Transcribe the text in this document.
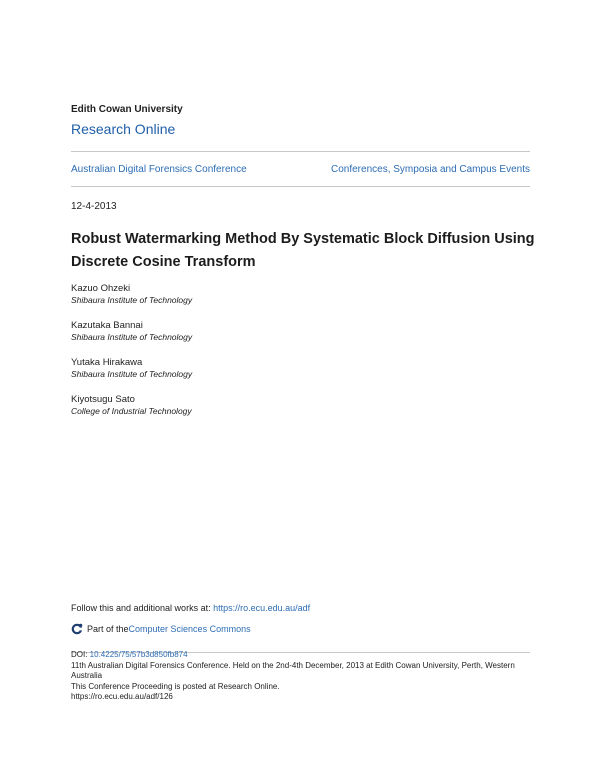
Edith Cowan University
Research Online
Australian Digital Forensics Conference	Conferences, Symposia and Campus Events
12-4-2013
Robust Watermarking Method By Systematic Block Diffusion Using Discrete Cosine Transform
Kazuo Ohzeki
Shibaura Institute of Technology
Kazutaka Bannai
Shibaura Institute of Technology
Yutaka Hirakawa
Shibaura Institute of Technology
Kiyotsugu Sato
College of Industrial Technology
Follow this and additional works at: https://ro.ecu.edu.au/adf
Part of the Computer Sciences Commons
DOI: 10.4225/75/57b3d850fb874
11th Australian Digital Forensics Conference. Held on the 2nd-4th December, 2013 at Edith Cowan University, Perth, Western Australia
This Conference Proceeding is posted at Research Online.
https://ro.ecu.edu.au/adf/126
